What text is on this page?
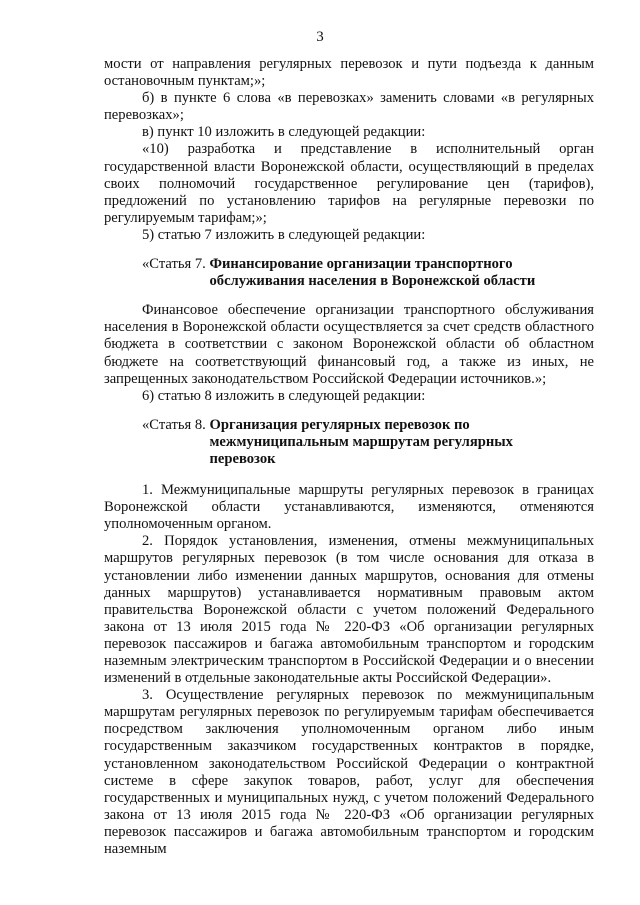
3

мости от направления регулярных перевозок и пути подъезда к данным остановочным пунктам;»;

б) в пункте 6 слова «в перевозках» заменить словами «в регулярных перевозках»;

в) пункт 10 изложить в следующей редакции:

«10) разработка и представление в исполнительный орган государственной власти Воронежской области, осуществляющий в пределах своих полномочий государственное регулирование цен (тарифов), предложений по установлению тарифов на регулярные перевозки по регулируемым тарифам;»;

5) статью 7 изложить в следующей редакции:

«Статья 7. Финансирование организации транспортного
обслуживания населения в Воронежской области

Финансовое обеспечение организации транспортного обслуживания населения в Воронежской области осуществляется за счет средств областного бюджета в соответствии с законом Воронежской области об областном бюджете на соответствующий финансовый год, а также из иных, не запрещенных законодательством Российской Федерации источников.»;

6) статью 8 изложить в следующей редакции:

«Статья 8. Организация регулярных перевозок по
межмуниципальным маршрутам регулярных
перевозок

1. Межмуниципальные маршруты регулярных перевозок в границах Воронежской области устанавливаются, изменяются, отменяются уполномоченным органом.

2. Порядок установления, изменения, отмены межмуниципальных маршрутов регулярных перевозок (в том числе основания для отказа в установлении либо изменении данных маршрутов, основания для отмены данных маршрутов) устанавливается нормативным правовым актом правительства Воронежской области с учетом положений Федерального закона от 13 июля 2015 года № 220-ФЗ «Об организации регулярных перевозок пассажиров и багажа автомобильным транспортом и городским наземным электрическим транспортом в Российской Федерации и о внесении изменений в отдельные законодательные акты Российской Федерации».

3. Осуществление регулярных перевозок по межмуниципальным маршрутам регулярных перевозок по регулируемым тарифам обеспечивается посредством заключения уполномоченным органом либо иным государственным заказчиком государственных контрактов в порядке, установленном законодательством Российской Федерации о контрактной системе в сфере закупок товаров, работ, услуг для обеспечения государственных и муниципальных нужд, с учетом положений Федерального закона от 13 июля 2015 года № 220-ФЗ «Об организации регулярных перевозок пассажиров и багажа автомобильным транспортом и городским наземным
